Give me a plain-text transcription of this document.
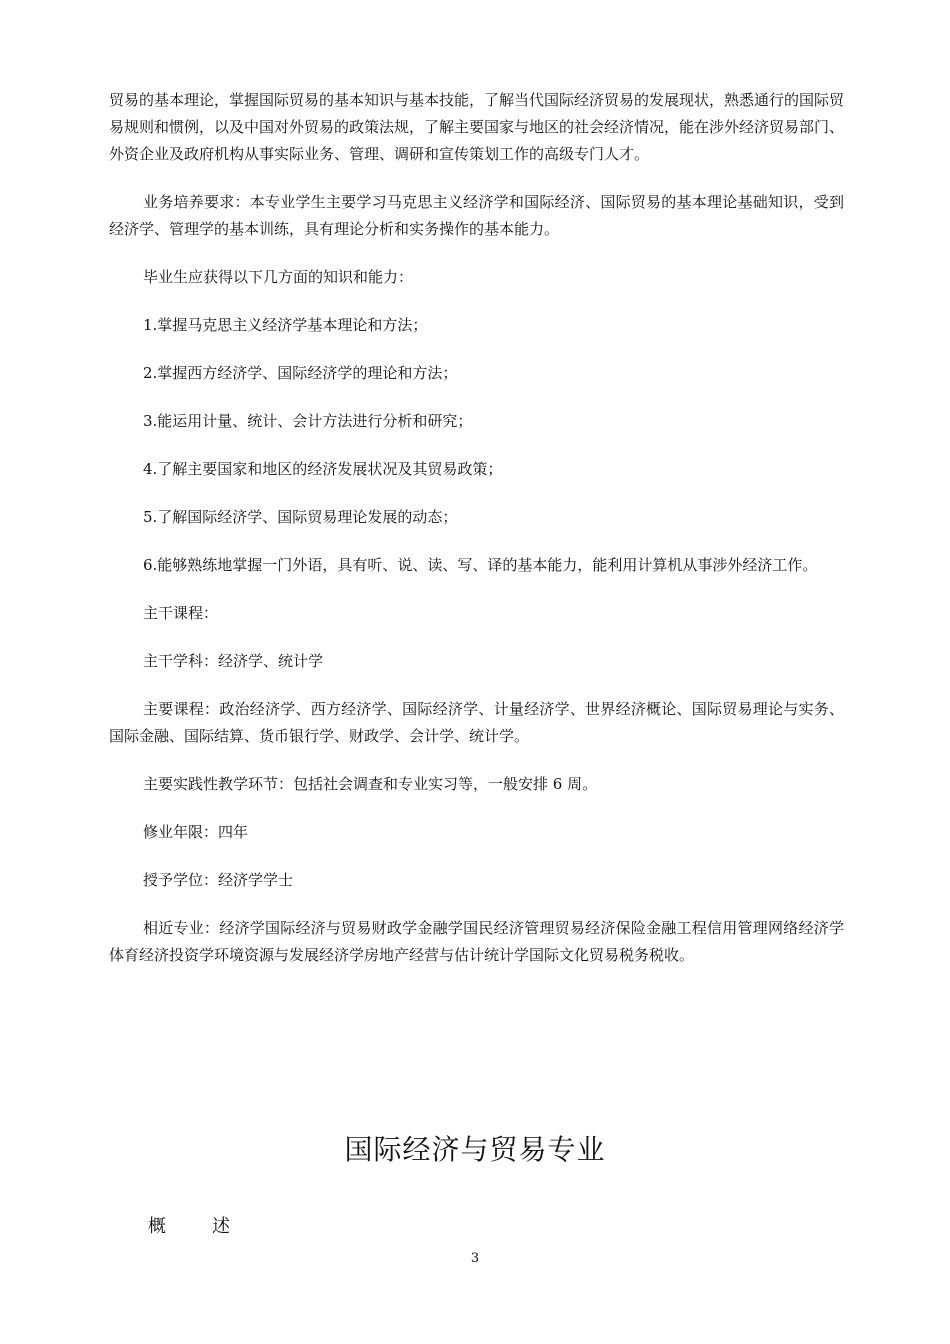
贸易的基本理论，掌握国际贸易的基本知识与基本技能，了解当代国际经济贸易的发展现状，熟悉通行的国际贸易规则和惯例，以及中国对外贸易的政策法规，了解主要国家与地区的社会经济情况，能在涉外经济贸易部门、外资企业及政府机构从事实际业务、管理、调研和宣传策划工作的高级专门人才。

业务培养要求：本专业学生主要学习马克思主义经济学和国际经济、国际贸易的基本理论基础知识，受到经济学、管理学的基本训练，具有理论分析和实务操作的基本能力。

毕业生应获得以下几方面的知识和能力：

1.掌握马克思主义经济学基本理论和方法；

2.掌握西方经济学、国际经济学的理论和方法；

3.能运用计量、统计、会计方法进行分析和研究；

4.了解主要国家和地区的经济发展状况及其贸易政策；

5.了解国际经济学、国际贸易理论发展的动态；

6.能够熟练地掌握一门外语，具有听、说、读、写、译的基本能力，能利用计算机从事涉外经济工作。

主干课程：

主干学科：经济学、统计学

主要课程：政治经济学、西方经济学、国际经济学、计量经济学、世界经济概论、国际贸易理论与实务、国际金融、国际结算、货币银行学、财政学、会计学、统计学。

主要实践性教学环节：包括社会调查和专业实习等，一般安排 6 周。

修业年限：四年

授予学位：经济学学士

相近专业：经济学国际经济与贸易财政学金融学国民经济管理贸易经济保险金融工程信用管理网络经济学体育经济投资学环境资源与发展经济学房地产经营与估计统计学国际文化贸易税务税收。

国际经济与贸易专业
概　述
3
